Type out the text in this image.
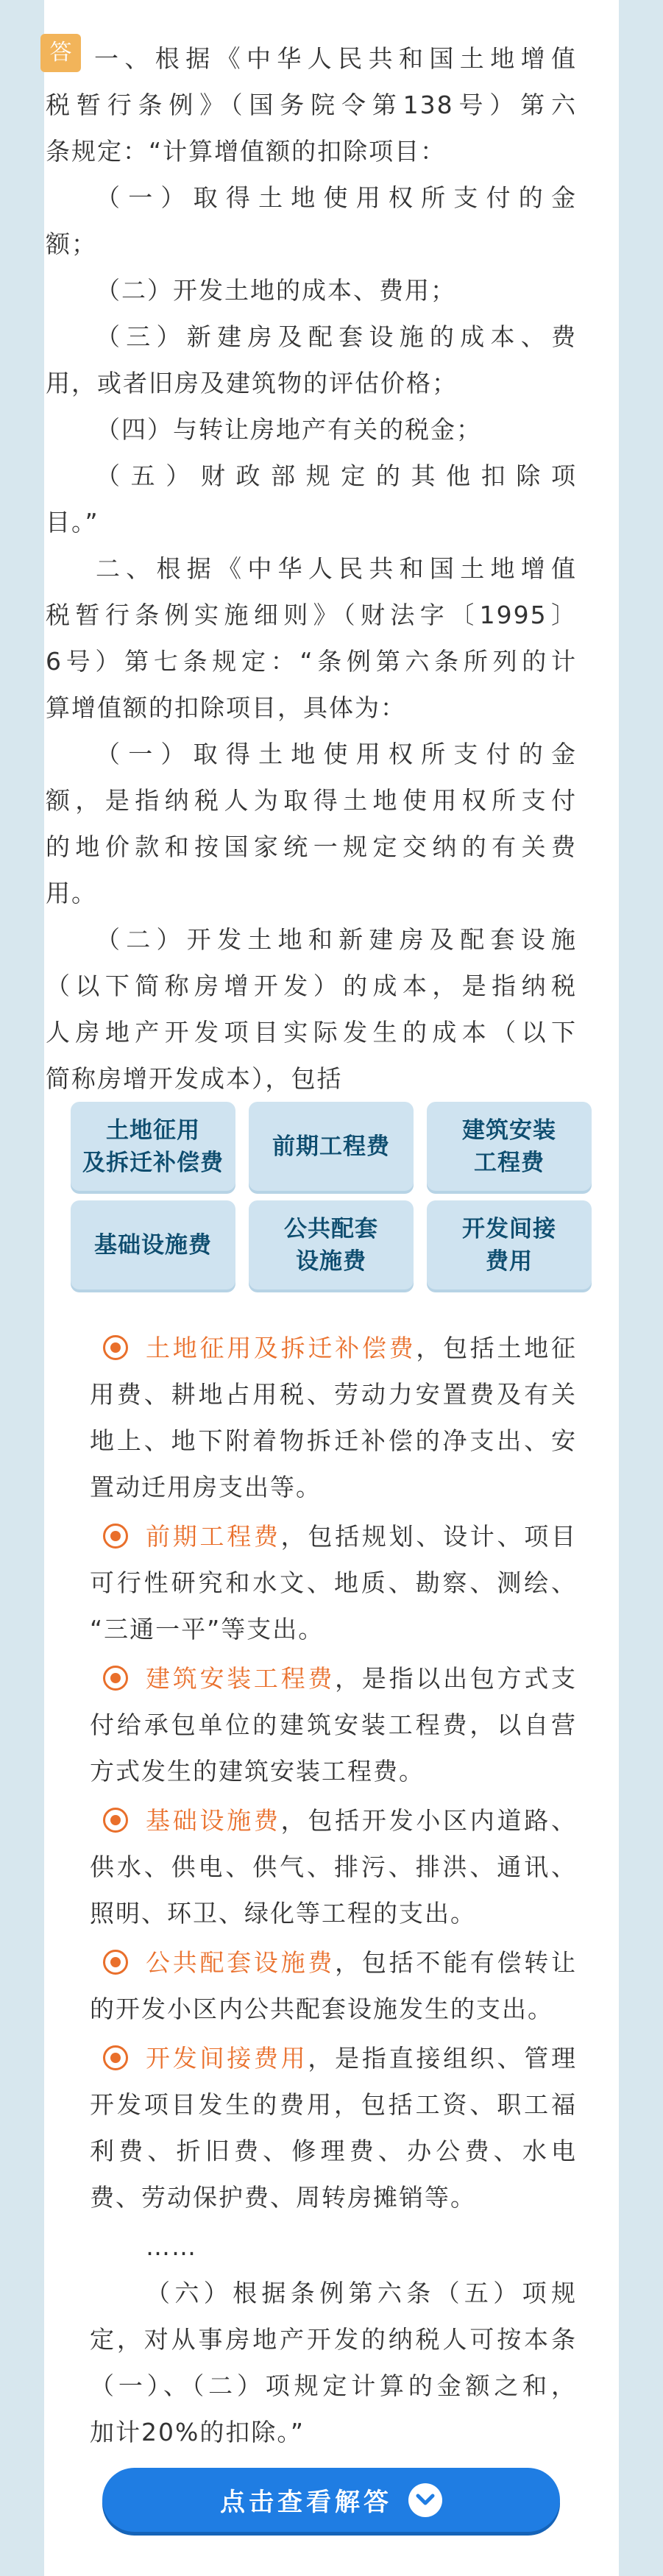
答 一、根据《中华人民共和国土地增值
税暂行条例》（国务院令第138号）第六
条规定：“计算增值额的扣除项目：
（一）取得土地使用权所支付的金
额；
（二）开发土地的成本、费用；
（三）新建房及配套设施的成本、费
用，或者旧房及建筑物的评估价格；
（四）与转让房地产有关的税金；
（五）财政部规定的其他扣除项
目。”
二、根据《中华人民共和国土地增值
税暂行条例实施细则》（财法字〔1995〕
6号）第七条规定：“条例第六条所列的计
算增值额的扣除项目，具体为：
（一）取得土地使用权所支付的金
额，是指纳税人为取得土地使用权所支付
的地价款和按国家统一规定交纳的有关费
用。
（二）开发土地和新建房及配套设施
（以下简称房增开发）的成本，是指纳税
人房地产开发项目实际发生的成本（以下
简称房增开发成本），包括
土地征用
及拆迁补偿费
前期工程费
建筑安装
工程费
基础设施费
公共配套
设施费
开发间接
费用
土地征用及拆迁补偿费，包括土地征
用费、耕地占用税、劳动力安置费及有关
地上、地下附着物拆迁补偿的净支出、安
置动迁用房支出等。
前期工程费，包括规划、设计、项目
可行性研究和水文、地质、勘察、测绘、
“三通一平”等支出。
建筑安装工程费，是指以出包方式支
付给承包单位的建筑安装工程费，以自营
方式发生的建筑安装工程费。
基础设施费，包括开发小区内道路、
供水、供电、供气、排污、排洪、通讯、
照明、环卫、绿化等工程的支出。
公共配套设施费，包括不能有偿转让
的开发小区内公共配套设施发生的支出。
开发间接费用，是指直接组织、管理
开发项目发生的费用，包括工资、职工福
利费、折旧费、修理费、办公费、水电
费、劳动保护费、周转房摊销等。
……
（六）根据条例第六条（五）项规
定，对从事房地产开发的纳税人可按本条
（一）、（二）项规定计算的金额之和，
加计20%的扣除。”
点击查看解答
